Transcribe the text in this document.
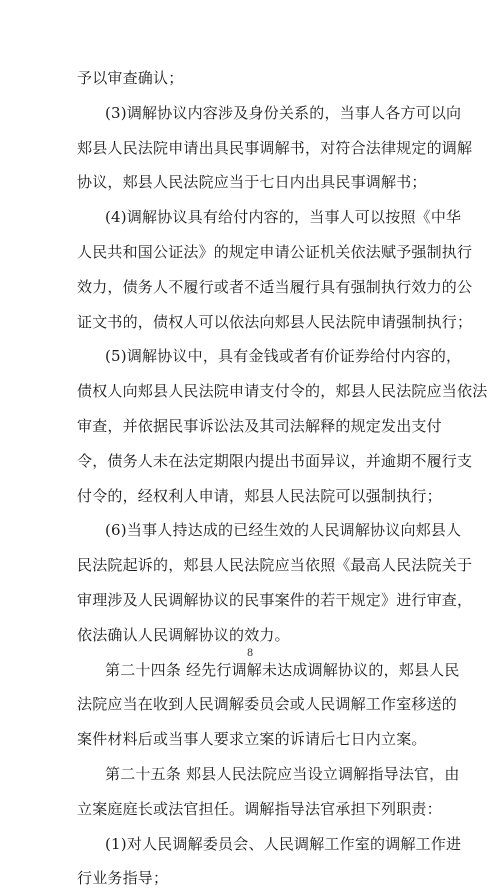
予以审查确认；
(3)调解协议内容涉及身份关系的，当事人各方可以向
郏县人民法院申请出具民事调解书，对符合法律规定的调解
协议，郏县人民法院应当于七日内出具民事调解书；
(4)调解协议具有给付内容的，当事人可以按照《中华
人民共和国公证法》的规定申请公证机关依法赋予强制执行
效力，债务人不履行或者不适当履行具有强制执行效力的公
证文书的，债权人可以依法向郏县人民法院申请强制执行；
(5)调解协议中，具有金钱或者有价证券给付内容的，
债权人向郏县人民法院申请支付令的，郏县人民法院应当依法
审查，并依据民事诉讼法及其司法解释的规定发出支付
令，债务人未在法定期限内提出书面异议，并逾期不履行支
付令的，经权利人申请，郏县人民法院可以强制执行；
(6)当事人持达成的已经生效的人民调解协议向郏县人
民法院起诉的，郏县人民法院应当依照《最高人民法院关于
审理涉及人民调解协议的民事案件的若干规定》进行审查，
依法确认人民调解协议的效力。
第二十四条 经先行调解未达成调解协议的，郏县人民
法院应当在收到人民调解委员会或人民调解工作室移送的
案件材料后或当事人要求立案的诉请后七日内立案。
第二十五条 郏县人民法院应当设立调解指导法官，由
立案庭庭长或法官担任。调解指导法官承担下列职责：
(1)对人民调解委员会、人民调解工作室的调解工作进
行业务指导；
8
